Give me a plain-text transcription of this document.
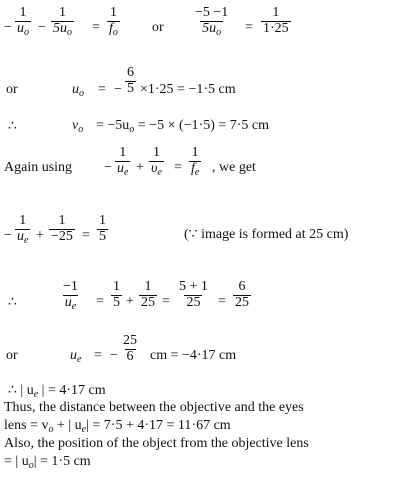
− $\frac{1}{u_o} - \frac{1}{5u_o} = \frac{1}{f_o}$ or $\frac{-5 -1}{5u_o} = \frac{1}{1\cdot 25}$
or	$u_o$ = − $\frac{6}{5} \times 1\cdot 25 = -1\cdot 5$ cm
∴	$v_o = -5u_o = -5 \times (-1\cdot 5) = 7\cdot 5$ cm
Again $using - \frac{1}{u_e} + \frac{1}{\upsilon_e} = \frac{1}{f_e}$ , we get
− $\frac{1}{u_e} + \frac{1}{-25} = \frac{1}{5}$	(∵ image is formed at 25 cm)
∴	$\frac{-1}{u_e} = \frac{1}{5} + \frac{1}{25} = \frac{5 + 1}{25} = \frac{6}{25}$
or	$u_e$ = − $\frac{25}{6}$ cm = −4·17 cm
∴ | $u_e$ | = 4·17 cm
Thus, the distance between the objective and the eyes
lens = $v_o$ + | $u_e| = 7\cdot 5 + 4\cdot 17 = 11\cdot 67$ cm
Also, the position of the object from the objective lens
= | $u_o| = 1\cdot 5$ cm
